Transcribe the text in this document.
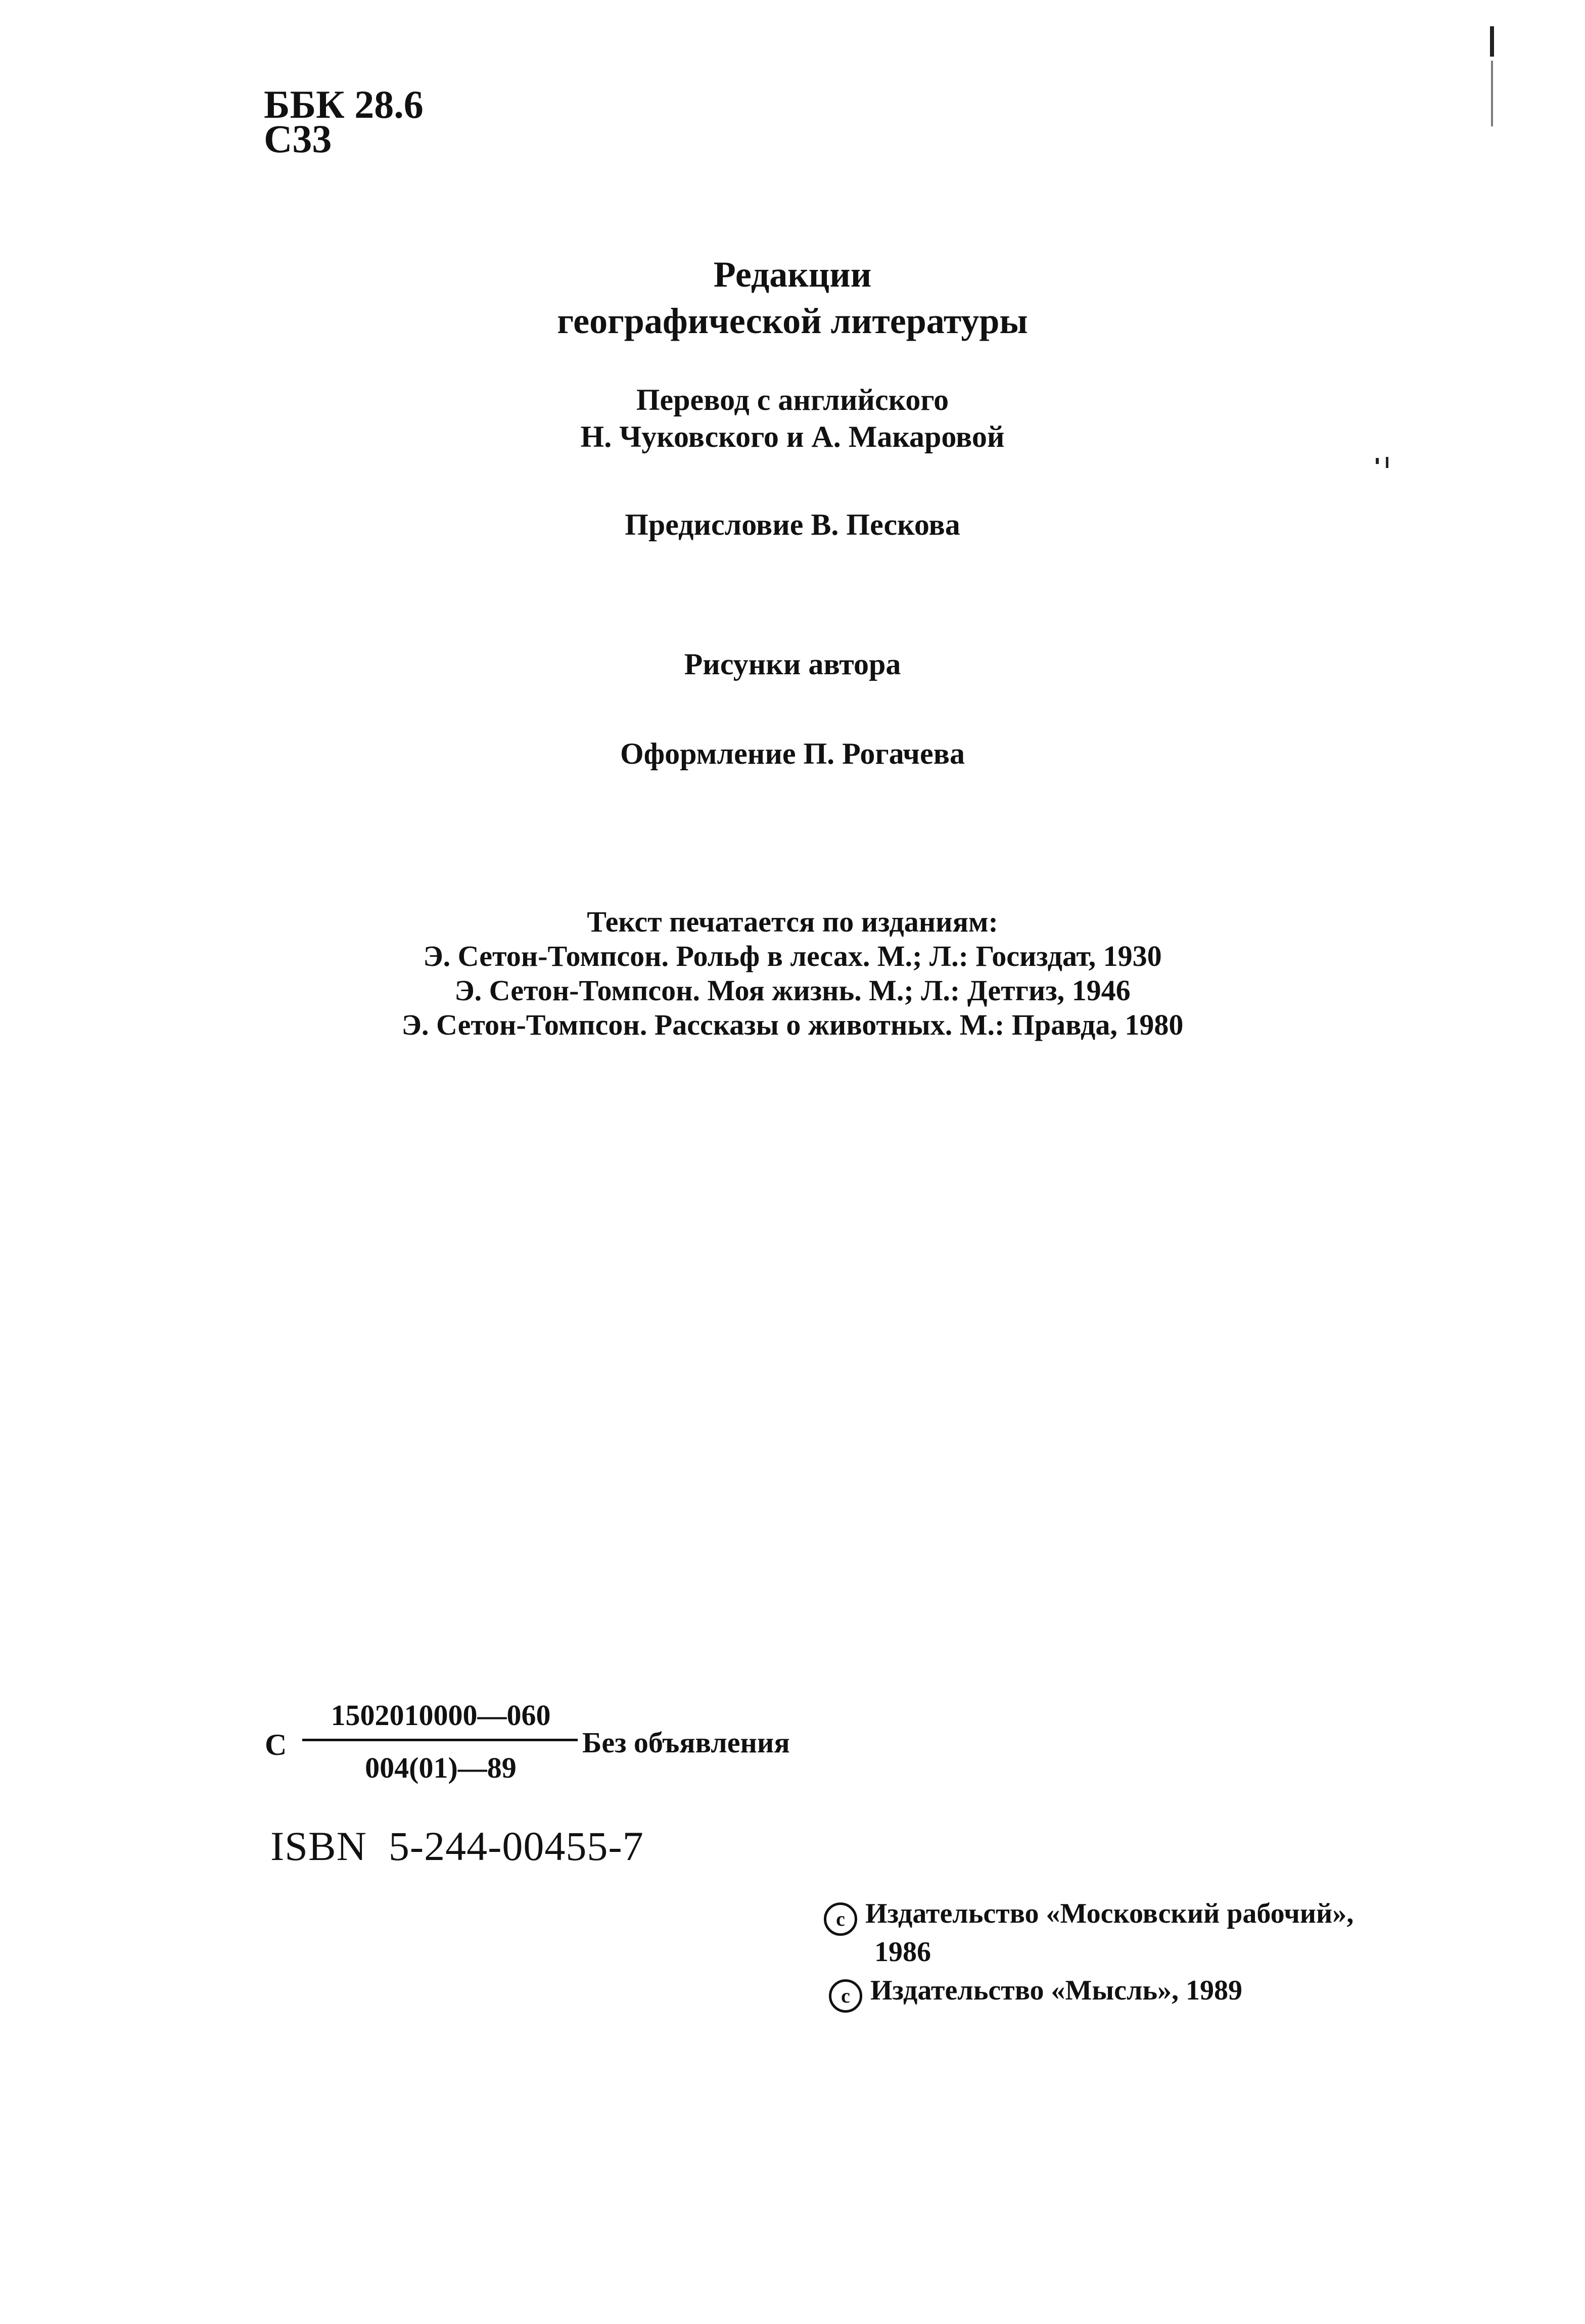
ББК 28.6
С33
Редакции
географической литературы
Перевод с английского
Н. Чуковского и А. Макаровой
Предисловие В. Пескова
Рисунки автора
Оформление П. Рогачева
Текст печатается по изданиям:
Э. Сетон-Томпсон. Рольф в лесах. М.; Л.: Госиздат, 1930
Э. Сетон-Томпсон. Моя жизнь. М.; Л.: Детгиз, 1946
Э. Сетон-Томпсон. Рассказы о животных. М.: Правда, 1980
С
1502010000—060
004(01)—89
Без объявления
ISBN  5-244-00455-7
c Издательство «Московский рабочий»,
1986
c Издательство «Мысль», 1989
